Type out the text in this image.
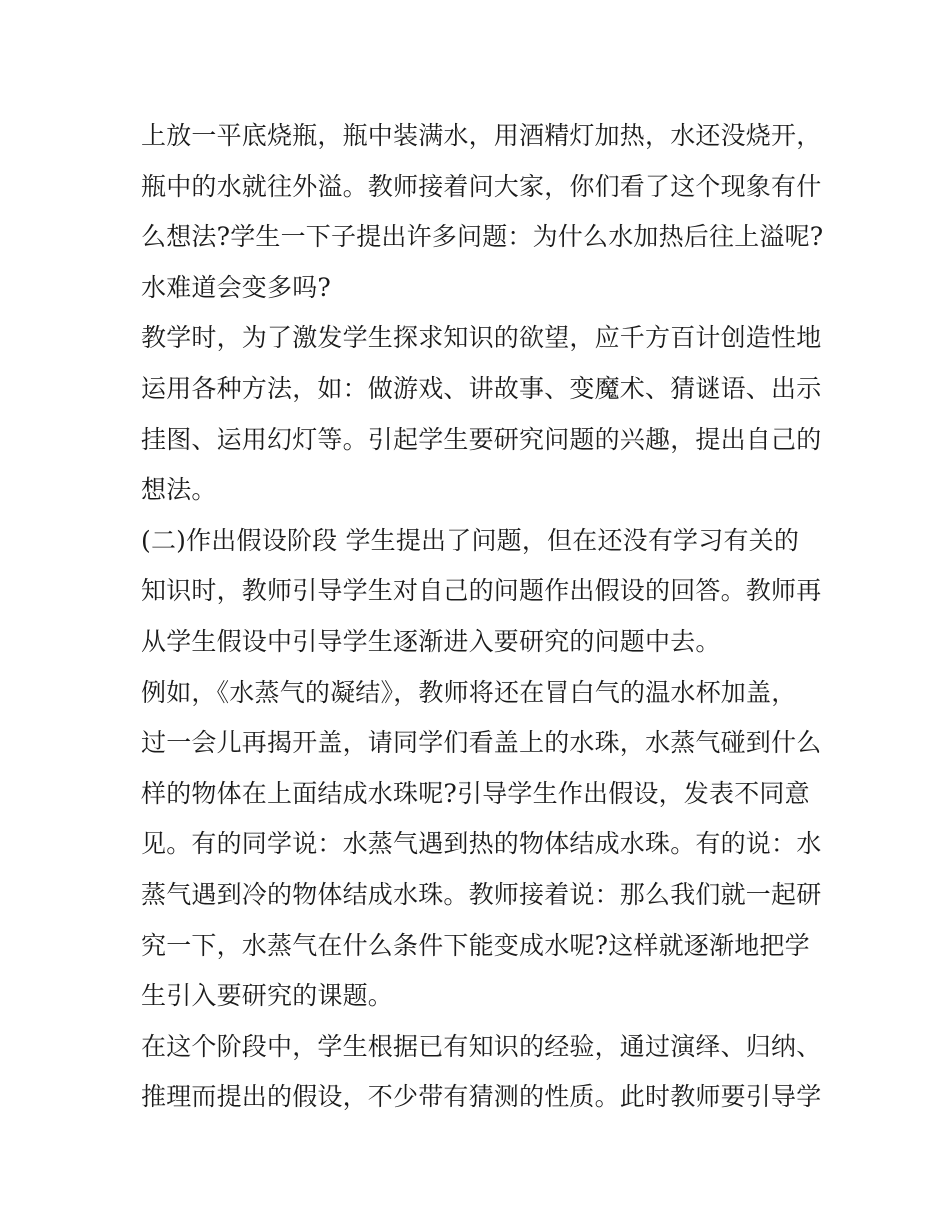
上放一平底烧瓶，瓶中装满水，用酒精灯加热，水还没烧开，
瓶中的水就往外溢。教师接着问大家，你们看了这个现象有什
么想法?学生一下子提出许多问题：为什么水加热后往上溢呢?
水难道会变多吗?
教学时，为了激发学生探求知识的欲望，应千方百计创造性地
运用各种方法，如：做游戏、讲故事、变魔术、猜谜语、出示
挂图、运用幻灯等。引起学生要研究问题的兴趣，提出自己的
想法。
(二)作出假设阶段 学生提出了问题，但在还没有学习有关的
知识时，教师引导学生对自己的问题作出假设的回答。教师再
从学生假设中引导学生逐渐进入要研究的问题中去。
例如，《水蒸气的凝结》，教师将还在冒白气的温水杯加盖，
过一会儿再揭开盖，请同学们看盖上的水珠，水蒸气碰到什么
样的物体在上面结成水珠呢?引导学生作出假设，发表不同意
见。有的同学说：水蒸气遇到热的物体结成水珠。有的说：水
蒸气遇到冷的物体结成水珠。教师接着说：那么我们就一起研
究一下，水蒸气在什么条件下能变成水呢?这样就逐渐地把学
生引入要研究的课题。
在这个阶段中，学生根据已有知识的经验，通过演绎、归纳、
推理而提出的假设，不少带有猜测的性质。此时教师要引导学
